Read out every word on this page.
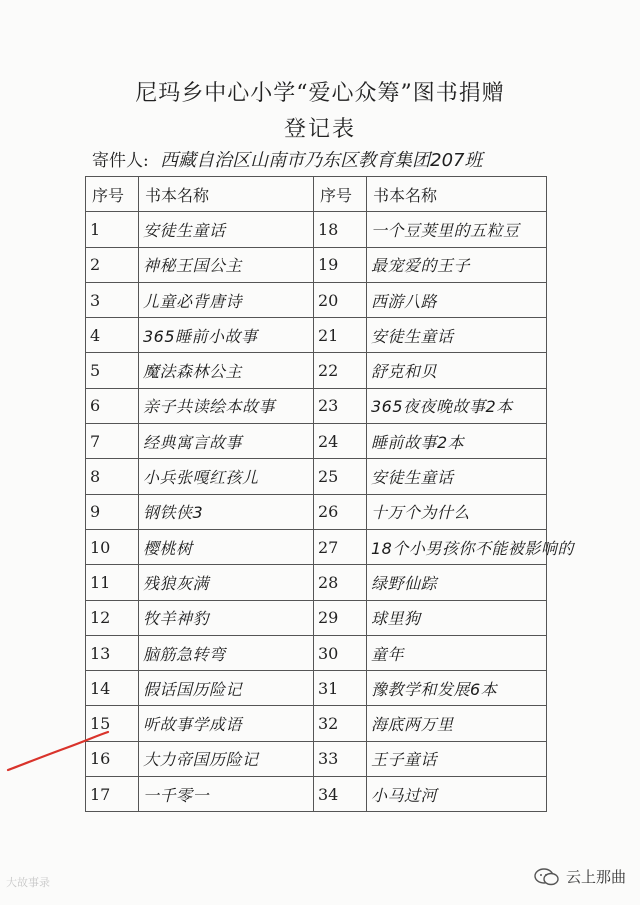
尼玛乡中心小学“爱心众筹”图书捐赠
登记表
寄件人: 西藏自治区山南市乃东区教育集团207班
序号	书本名称	序号	书本名称
1	安徒生童话	18	一个豆荚里的五粒豆
2	神秘王国公主	19	最宠爱的王子
3	儿童必背唐诗	20	西游八路
4	365睡前小故事	21	安徒生童话
5	魔法森林公主	22	舒克和贝
6	亲子共读绘本故事	23	365夜夜晚故事2本
7	经典寓言故事	24	睡前故事2本
8	小兵张嘎红孩儿	25	安徒生童话
9	钢铁侠3	26	十万个为什么
10	樱桃树	27	18个小男孩你不能被影响的
11	残狼灰满	28	绿野仙踪
12	牧羊神豹	29	球里狗
13	脑筋急转弯	30	童年
14	假话国历险记	31	豫教学和发展6本
15	听故事学成语	32	海底两万里
16	大力帝国历险记	33	王子童话
17	一千零一	34	小马过河
大故事录	云上那曲
